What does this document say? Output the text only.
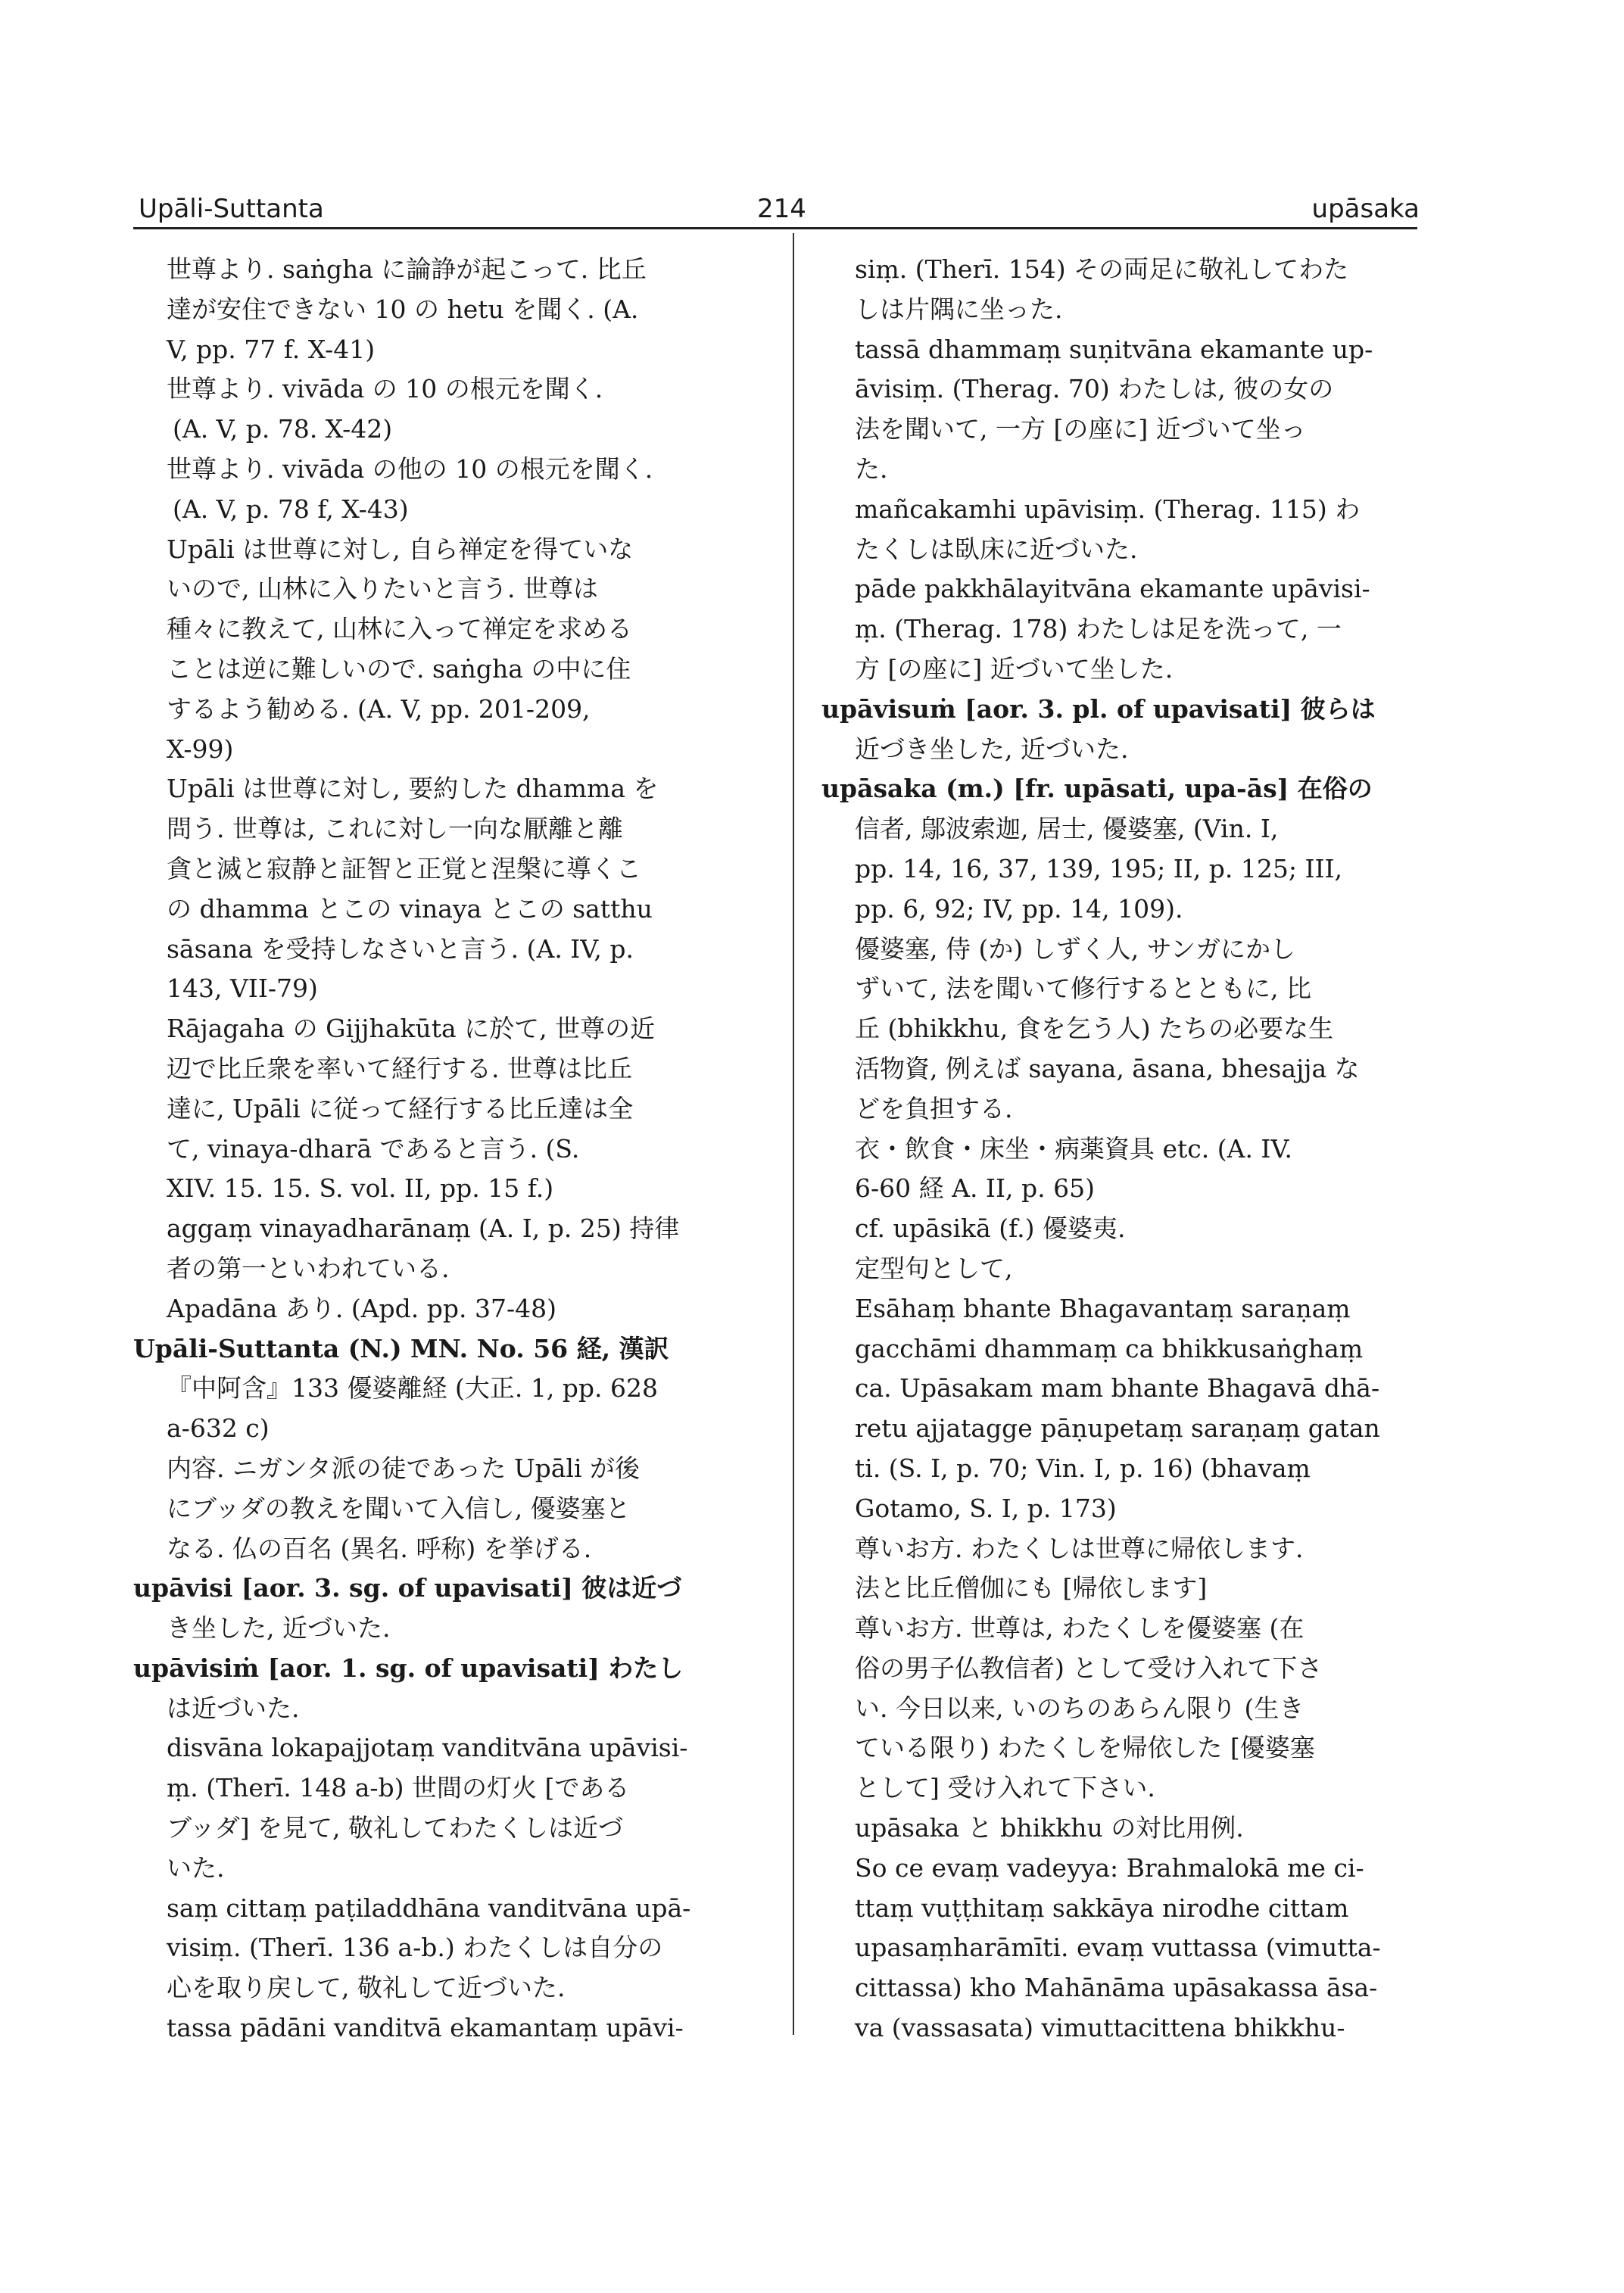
Upāli-Suttanta	214	upāsaka
世尊より. saṅgha に論諍が起こって. 比丘
達が安住できない 10 の hetu を聞く. (A.
V, pp. 77 f. X-41)
世尊より. vivāda の 10 の根元を聞く.
(A. V, p. 78. X-42)
世尊より. vivāda の他の 10 の根元を聞く.
(A. V, p. 78 f, X-43)
Upāli は世尊に対し, 自ら禅定を得ていな
いので, 山林に入りたいと言う. 世尊は
種々に教えて, 山林に入って禅定を求める
ことは逆に難しいので. saṅgha の中に住
するよう勧める. (A. V, pp. 201-209,
X-99)
Upāli は世尊に対し, 要約した dhamma を
問う. 世尊は, これに対し一向な厭離と離
貪と滅と寂静と証智と正覚と涅槃に導くこ
の dhamma とこの vinaya とこの satthu
sāsana を受持しなさいと言う. (A. IV, p.
143, VII-79)
Rājagaha の Gijjhakūta に於て, 世尊の近
辺で比丘衆を率いて経行する. 世尊は比丘
達に, Upāli に従って経行する比丘達は全
て, vinaya-dharā であると言う. (S.
XIV. 15. 15. S. vol. II, pp. 15 f.)
aggaṃ vinayadharānaṃ (A. I, p. 25) 持律
者の第一といわれている.
Apadāna あり. (Apd. pp. 37-48)
Upāli-Suttanta (N.) MN. No. 56 経, 漢訳
『中阿含』133 優婆離経 (大正. 1, pp. 628
a-632 c)
内容. ニガンタ派の徒であった Upāli が後
にブッダの教えを聞いて入信し, 優婆塞と
なる. 仏の百名 (異名. 呼称) を挙げる.
upāvisi [aor. 3. sg. of upavisati] 彼は近づ
き坐した, 近づいた.
upāvisiṁ [aor. 1. sg. of upavisati] わたし
は近づいた.
disvāna lokapajjotaṃ vanditvāna upāvisi-
ṃ. (Therī. 148 a-b) 世間の灯火 [である
ブッダ] を見て, 敬礼してわたくしは近づ
いた.
saṃ cittaṃ paṭiladdhāna vanditvāna upā-
visiṃ. (Therī. 136 a-b.) わたくしは自分の
心を取り戻して, 敬礼して近づいた.
tassa pādāni vanditvā ekamantaṃ upāvi-
siṃ. (Therī. 154) その両足に敬礼してわた
しは片隅に坐った.
tassā dhammaṃ suṇitvāna ekamante up-
āvisiṃ. (Therag. 70) わたしは, 彼の女の
法を聞いて, 一方 [の座に] 近づいて坐っ
た.
mañcakamhi upāvisiṃ. (Therag. 115) わ
たくしは臥床に近づいた.
pāde pakkhālayitvāna ekamante upāvisi-
ṃ. (Therag. 178) わたしは足を洗って, 一
方 [の座に] 近づいて坐した.
upāvisuṁ [aor. 3. pl. of upavisati] 彼らは
近づき坐した, 近づいた.
upāsaka (m.) [fr. upāsati, upa-ās] 在俗の
信者, 鄔波索迦, 居士, 優婆塞, (Vin. I,
pp. 14, 16, 37, 139, 195; II, p. 125; III,
pp. 6, 92; IV, pp. 14, 109).
優婆塞, 侍 (か) しずく人, サンガにかし
ずいて, 法を聞いて修行するとともに, 比
丘 (bhikkhu, 食を乞う人) たちの必要な生
活物資, 例えば sayana, āsana, bhesajja な
どを負担する.
衣・飲食・床坐・病薬資具 etc. (A. IV.
6-60 経 A. II, p. 65)
cf. upāsikā (f.) 優婆夷.
定型句として,
Esāhaṃ bhante Bhagavantaṃ saraṇaṃ
gacchāmi dhammaṃ ca bhikkusaṅghaṃ
ca. Upāsakam mam bhante Bhagavā dhā-
retu ajjatagge pāṇupetaṃ saraṇaṃ gatan
ti. (S. I, p. 70; Vin. I, p. 16) (bhavaṃ
Gotamo, S. I, p. 173)
尊いお方. わたくしは世尊に帰依します.
法と比丘僧伽にも [帰依します]
尊いお方. 世尊は, わたくしを優婆塞 (在
俗の男子仏教信者) として受け入れて下さ
い. 今日以来, いのちのあらん限り (生き
ている限り) わたくしを帰依した [優婆塞
として] 受け入れて下さい.
upāsaka と bhikkhu の対比用例.
So ce evaṃ vadeyya: Brahmalokā me ci-
ttaṃ vuṭṭhitaṃ sakkāya nirodhe cittam
upasaṃharāmīti. evaṃ vuttassa (vimutta-
cittassa) kho Mahānāma upāsakassa āsa-
va (vassasata) vimuttacittena bhikkhu-
